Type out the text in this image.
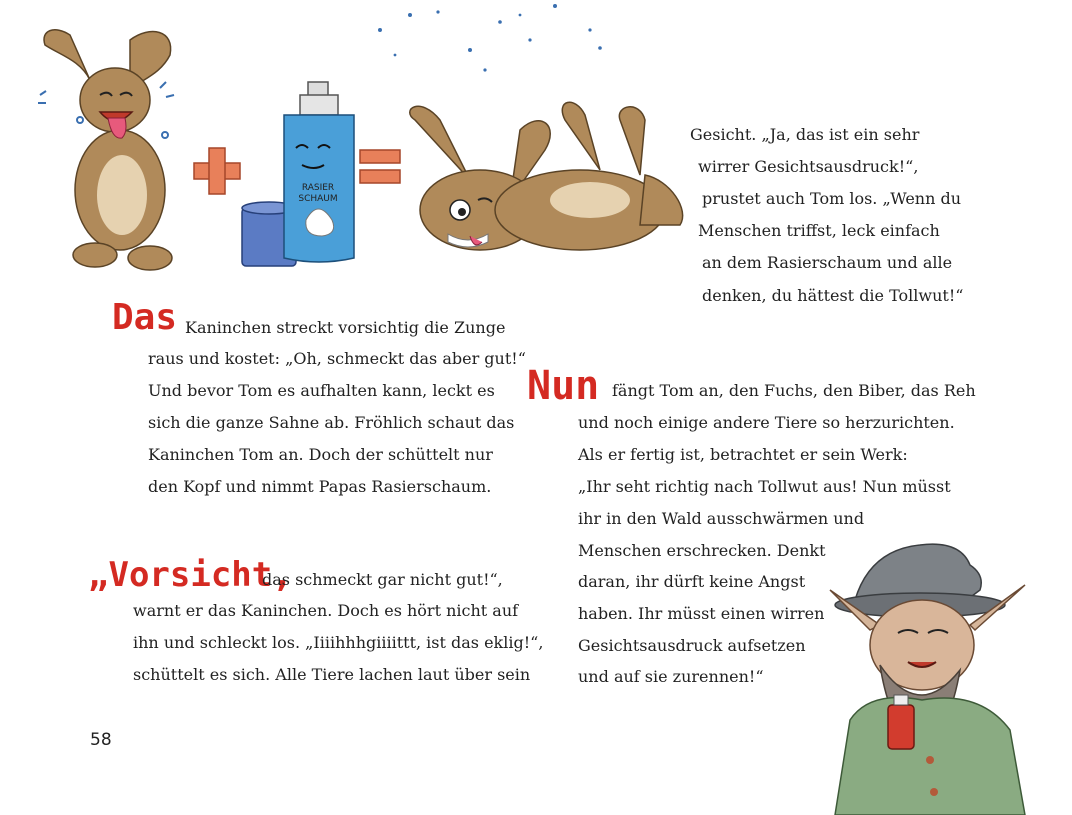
RASIER
SCHAUM
Gesicht. „Ja, das ist ein sehr
wirrer Gesichtsausdruck!“,
prustet auch Tom los. „Wenn du
Menschen triffst, leck einfach
an dem Rasierschaum und alle
denken, du hättest die Tollwut!“
Das Kaninchen streckt vorsichtig die Zunge
raus und kostet: „Oh, schmeckt das aber gut!“
Und bevor Tom es aufhalten kann, leckt es
sich die ganze Sahne ab. Fröhlich schaut das
Kaninchen Tom an. Doch der schüttelt nur
den Kopf und nimmt Papas Rasierschaum.
„Vorsicht,
das schmeckt gar nicht gut!“,
warnt er das Kaninchen. Doch es hört nicht auf
ihn und schleckt los. „Iiiihhhgiiiittt, ist das eklig!“,
schüttelt es sich. Alle Tiere lachen laut über sein
Nun fängt Tom an, den Fuchs, den Biber, das Reh
und noch einige andere Tiere so herzurichten.
Als er fertig ist, betrachtet er sein Werk:
„Ihr seht richtig nach Tollwut aus! Nun müsst
ihr in den Wald ausschwärmen und
Menschen erschrecken. Denkt
daran, ihr dürft keine Angst
haben. Ihr müsst einen wirren
Gesichtsausdruck aufsetzen
und auf sie zurennen!“
58
